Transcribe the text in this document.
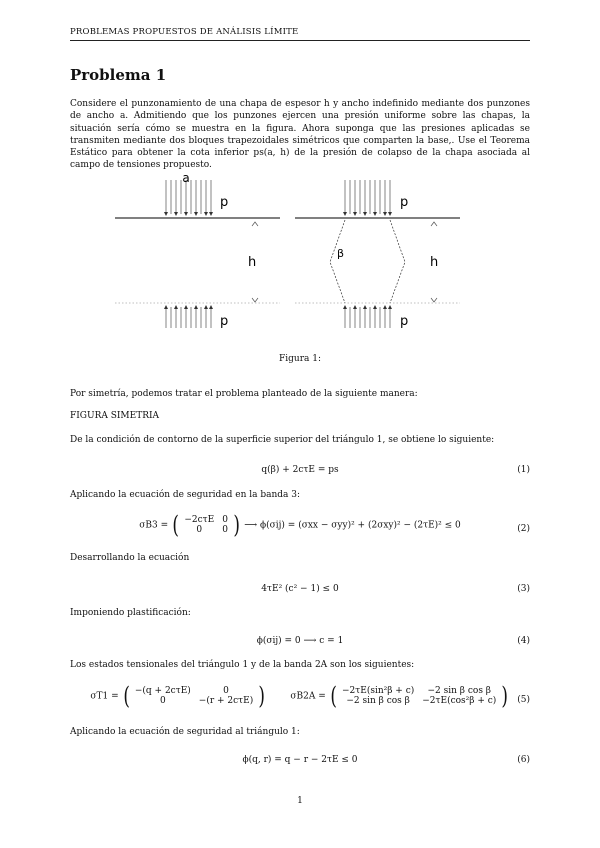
PROBLEMAS PROPUESTOS DE ANÁLISIS LÍMITE
Problema 1
Considere el punzonamiento de una chapa de espesor h y ancho indefinido mediante dos punzones de ancho a. Admitiendo que los punzones ejercen una presión uniforme sobre las chapas, la situación sería cómo se muestra en la figura. Ahora suponga que las presiones aplicadas se transmiten mediante dos bloques trapezoidales simétricos que comparten la base,. Use el Teorema Estático para obtener la cota inferior ps(a, h) de la presión de colapso de la chapa asociada al campo de tensiones propuesto.
a
p
p
h
p
p
h
β
Figura 1:
Por simetría, podemos tratar el problema planteado de la siguiente manera:
FIGURA SIMETRIA
De la condición de contorno de la superficie superior del triángulo 1, se obtiene lo siguiente:
q(β) + 2cτE = ps	(1)
Aplicando la ecuación de seguridad en la banda 3:
σB3 = ( −2cτE	0
0	0 ) ⟶ ϕ(σij) = (σxx − σyy)² + (2σxy)² − (2τE)² ≤ 0	(2)
Desarrollando la ecuación
4τE² (c² − 1) ≤ 0	(3)
Imponiendo plastificación:
ϕ(σij) = 0 ⟶ c = 1	(4)
Los estados tensionales del triángulo 1 y de la banda 2A son los siguientes:
σT1 = ( −(q + 2cτE)	0
0	−(r + 2cτE) )	σB2A = ( −2τE(sin²β + c)	−2 sin β cos β
−2 sin β cos β	−2τE(cos²β + c) ) (5)
Aplicando la ecuación de seguridad al triángulo 1:
ϕ(q, r) = q − r − 2τE ≤ 0	(6)
1
